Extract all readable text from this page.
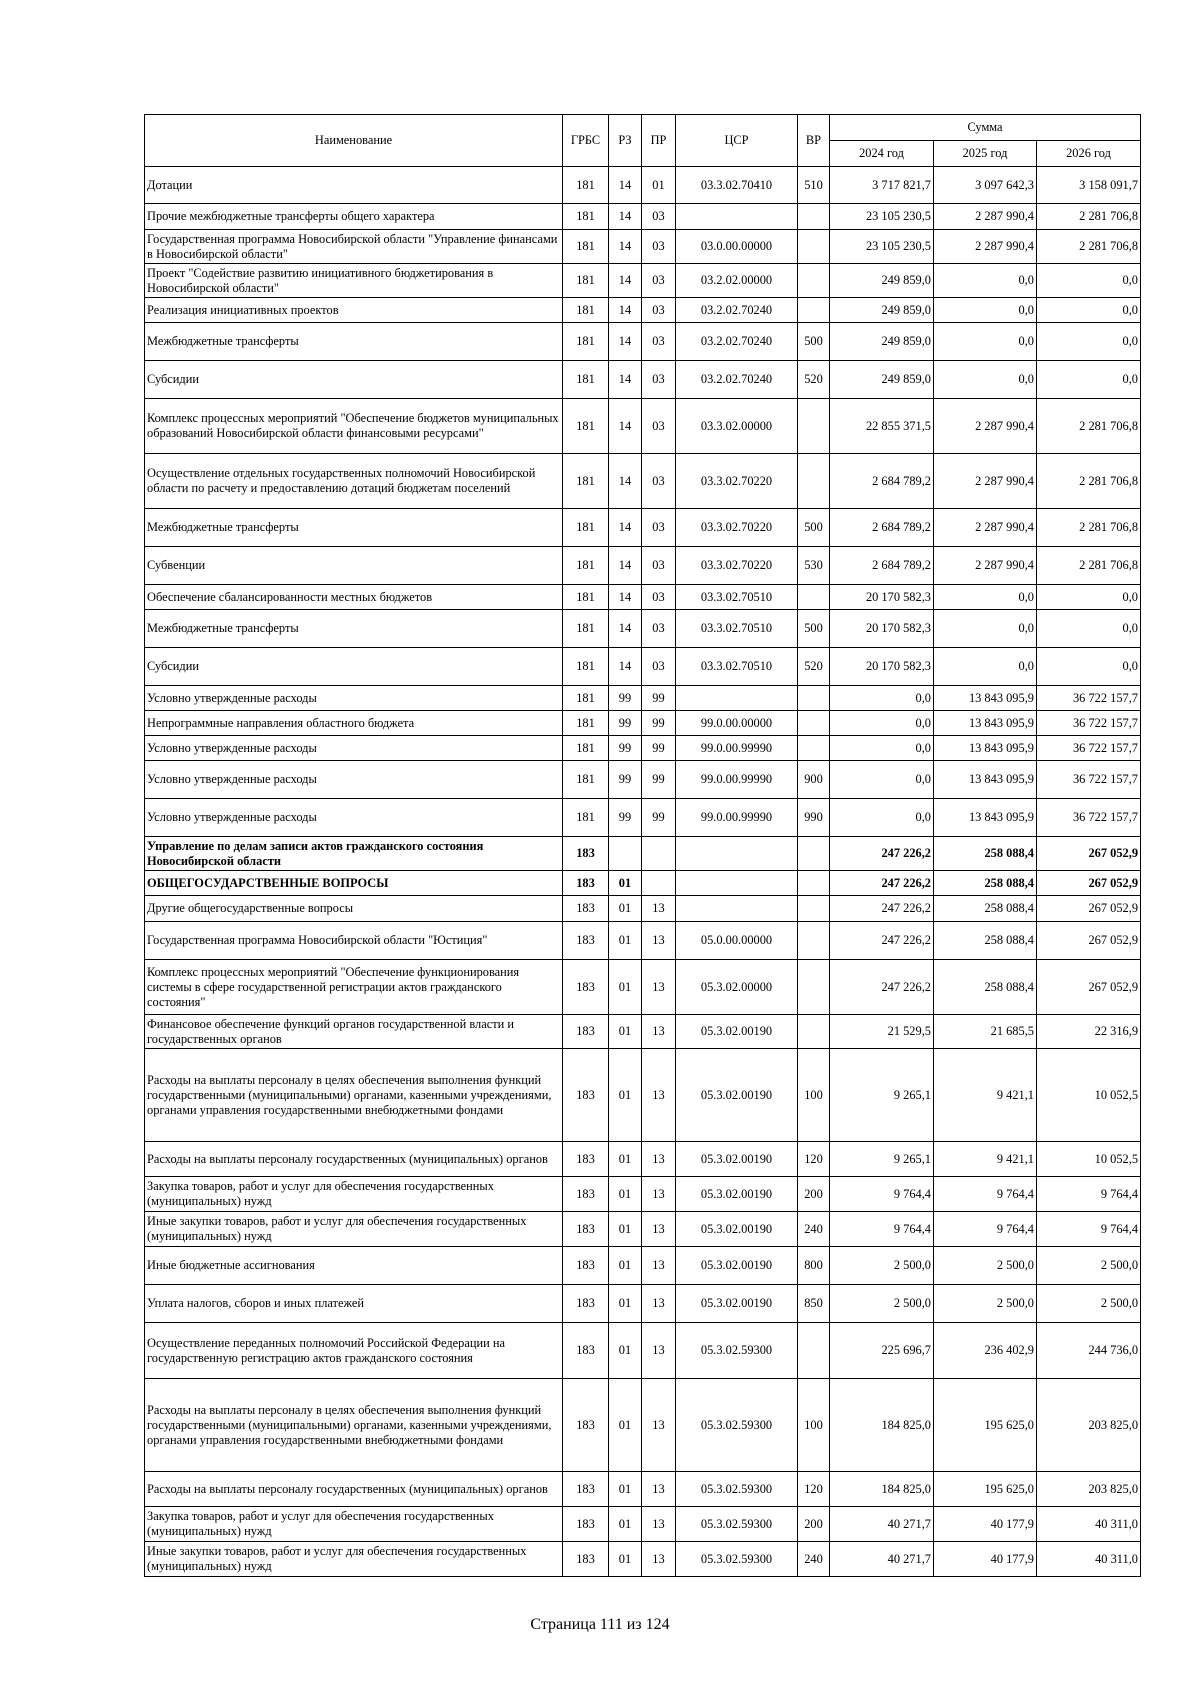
Наименование	ГРБС	РЗ	ПР	ЦСР	ВР	Сумма		
						2024 год	2025 год	2026 год
Дотации	181	14	01	03.3.02.70410	510	3 717 821,7	3 097 642,3	3 158 091,7
Прочие межбюджетные трансферты общего характера	181	14	03			23 105 230,5	2 287 990,4	2 281 706,8
Государственная программа Новосибирской области "Управление финансами в Новосибирской области"	181	14	03	03.0.00.00000		23 105 230,5	2 287 990,4	2 281 706,8
Проект "Содействие развитию инициативного бюджетирования в Новосибирской области"	181	14	03	03.2.02.00000		249 859,0	0,0	0,0
Реализация инициативных проектов	181	14	03	03.2.02.70240		249 859,0	0,0	0,0
Межбюджетные трансферты	181	14	03	03.2.02.70240	500	249 859,0	0,0	0,0
Субсидии	181	14	03	03.2.02.70240	520	249 859,0	0,0	0,0
Комплекс процессных мероприятий "Обеспечение бюджетов муниципальных образований Новосибирской области финансовыми ресурсами"	181	14	03	03.3.02.00000		22 855 371,5	2 287 990,4	2 281 706,8
Осуществление отдельных государственных полномочий Новосибирской области по расчету и предоставлению дотаций бюджетам поселений	181	14	03	03.3.02.70220		2 684 789,2	2 287 990,4	2 281 706,8
Межбюджетные трансферты	181	14	03	03.3.02.70220	500	2 684 789,2	2 287 990,4	2 281 706,8
Субвенции	181	14	03	03.3.02.70220	530	2 684 789,2	2 287 990,4	2 281 706,8
Обеспечение сбалансированности местных бюджетов	181	14	03	03.3.02.70510		20 170 582,3	0,0	0,0
Межбюджетные трансферты	181	14	03	03.3.02.70510	500	20 170 582,3	0,0	0,0
Субсидии	181	14	03	03.3.02.70510	520	20 170 582,3	0,0	0,0
Условно утвержденные расходы	181	99	99			0,0	13 843 095,9	36 722 157,7
Непрограммные направления областного бюджета	181	99	99	99.0.00.00000		0,0	13 843 095,9	36 722 157,7
Условно утвержденные расходы	181	99	99	99.0.00.99990		0,0	13 843 095,9	36 722 157,7
Условно утвержденные расходы	181	99	99	99.0.00.99990	900	0,0	13 843 095,9	36 722 157,7
Условно утвержденные расходы	181	99	99	99.0.00.99990	990	0,0	13 843 095,9	36 722 157,7
Управление по делам записи актов гражданского состояния Новосибирской области	183					247 226,2	258 088,4	267 052,9
ОБЩЕГОСУДАРСТВЕННЫЕ ВОПРОСЫ	183	01				247 226,2	258 088,4	267 052,9
Другие общегосударственные вопросы	183	01	13			247 226,2	258 088,4	267 052,9
Государственная программа Новосибирской области "Юстиция"	183	01	13	05.0.00.00000		247 226,2	258 088,4	267 052,9
Комплекс процессных мероприятий "Обеспечение функционирования системы в сфере государственной регистрации актов гражданского состояния"	183	01	13	05.3.02.00000		247 226,2	258 088,4	267 052,9
Финансовое обеспечение функций органов государственной власти и государственных органов	183	01	13	05.3.02.00190		21 529,5	21 685,5	22 316,9
Расходы на выплаты персоналу в целях обеспечения выполнения функций государственными (муниципальными) органами, казенными учреждениями, органами управления государственными внебюджетными фондами	183	01	13	05.3.02.00190	100	9 265,1	9 421,1	10 052,5
Расходы на выплаты персоналу государственных (муниципальных) органов	183	01	13	05.3.02.00190	120	9 265,1	9 421,1	10 052,5
Закупка товаров, работ и услуг для обеспечения государственных (муниципальных) нужд	183	01	13	05.3.02.00190	200	9 764,4	9 764,4	9 764,4
Иные закупки товаров, работ и услуг для обеспечения государственных (муниципальных) нужд	183	01	13	05.3.02.00190	240	9 764,4	9 764,4	9 764,4
Иные бюджетные ассигнования	183	01	13	05.3.02.00190	800	2 500,0	2 500,0	2 500,0
Уплата налогов, сборов и иных платежей	183	01	13	05.3.02.00190	850	2 500,0	2 500,0	2 500,0
Осуществление переданных полномочий Российской Федерации на государственную регистрацию актов гражданского состояния	183	01	13	05.3.02.59300		225 696,7	236 402,9	244 736,0
Расходы на выплаты персоналу в целях обеспечения выполнения функций государственными (муниципальными) органами, казенными учреждениями, органами управления государственными внебюджетными фондами	183	01	13	05.3.02.59300	100	184 825,0	195 625,0	203 825,0
Расходы на выплаты персоналу государственных (муниципальных) органов	183	01	13	05.3.02.59300	120	184 825,0	195 625,0	203 825,0
Закупка товаров, работ и услуг для обеспечения государственных (муниципальных) нужд	183	01	13	05.3.02.59300	200	40 271,7	40 177,9	40 311,0
Иные закупки товаров, работ и услуг для обеспечения государственных (муниципальных) нужд	183	01	13	05.3.02.59300	240	40 271,7	40 177,9	40 311,0
Страница 111 из 124
